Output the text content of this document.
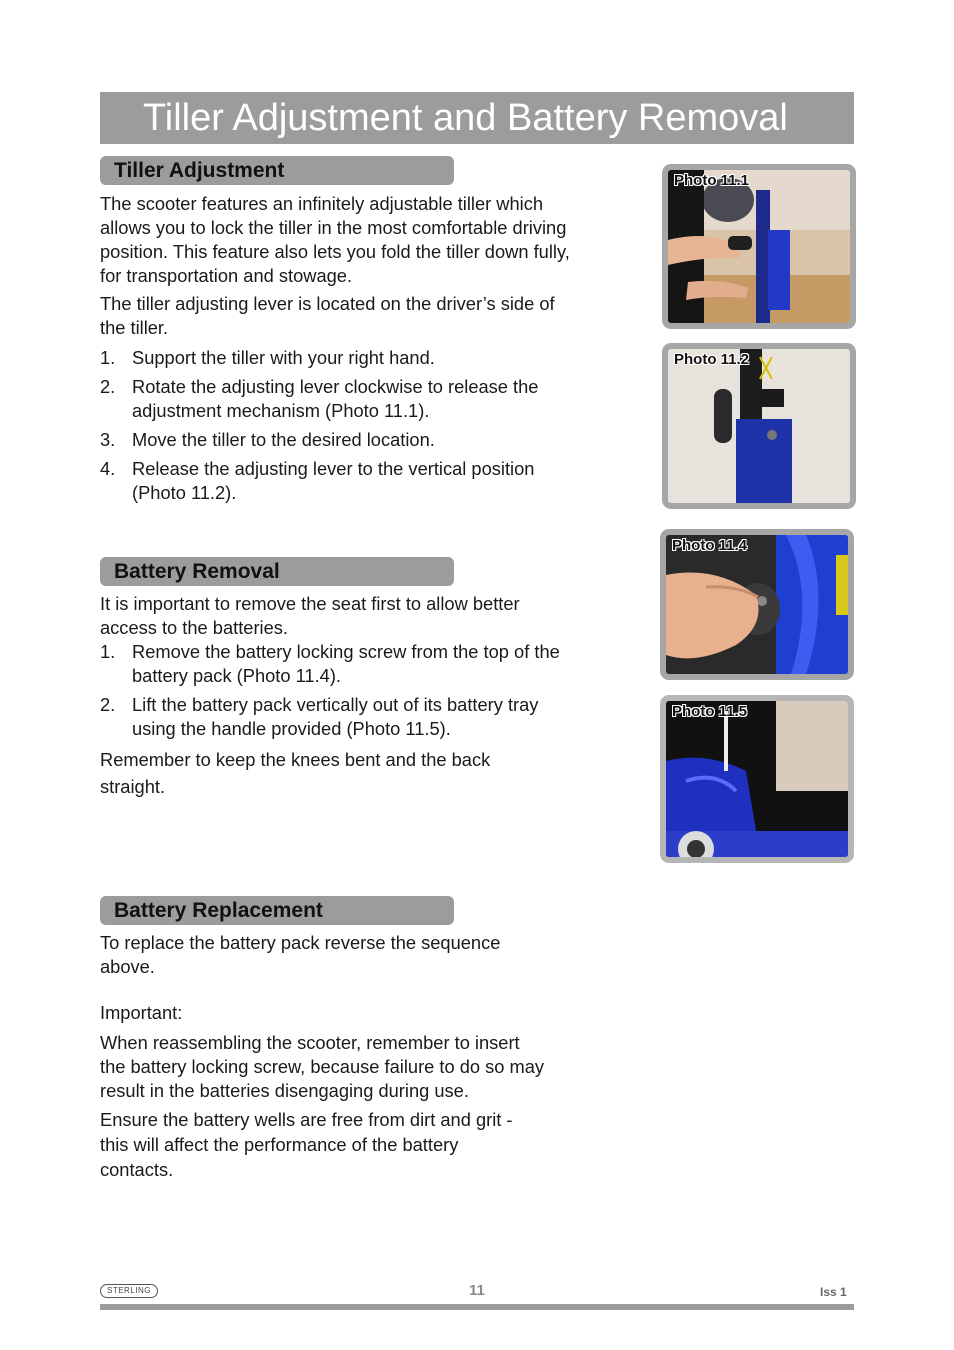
Tiller Adjustment and Battery Removal
Tiller Adjustment

The scooter features an infinitely adjustable tiller which allows you to lock the tiller in the most comfortable driving position. This feature also lets you fold the tiller down fully, for transportation and stowage.

The tiller adjusting lever is located on the driver’s side of the tiller.

1. Support the tiller with your right hand.
2. Rotate the adjusting lever clockwise to release the adjustment mechanism (Photo 11.1).
3. Move the tiller to the desired location.
4. Release the adjusting lever to the vertical position (Photo 11.2).
Battery Removal

It is important to remove the seat first to allow better access to the batteries.

1. Remove the battery locking screw from the top of the battery pack (Photo 11.4).
2. Lift the battery pack vertically out of its battery tray using the handle provided (Photo 11.5).

Remember to keep the knees bent and the back straight.

Battery Replacement

To replace the battery pack reverse the sequence above.

Important:

When reassembling the scooter, remember to insert the battery locking screw, because failure to do so may result in the batteries disengaging during use.

Ensure the battery wells are free from dirt and grit - this will affect the performance of the battery contacts.

Photo 11.1
Photo 11.2
Photo 11.4
Photo 11.5
STERLING	11	Iss 1
